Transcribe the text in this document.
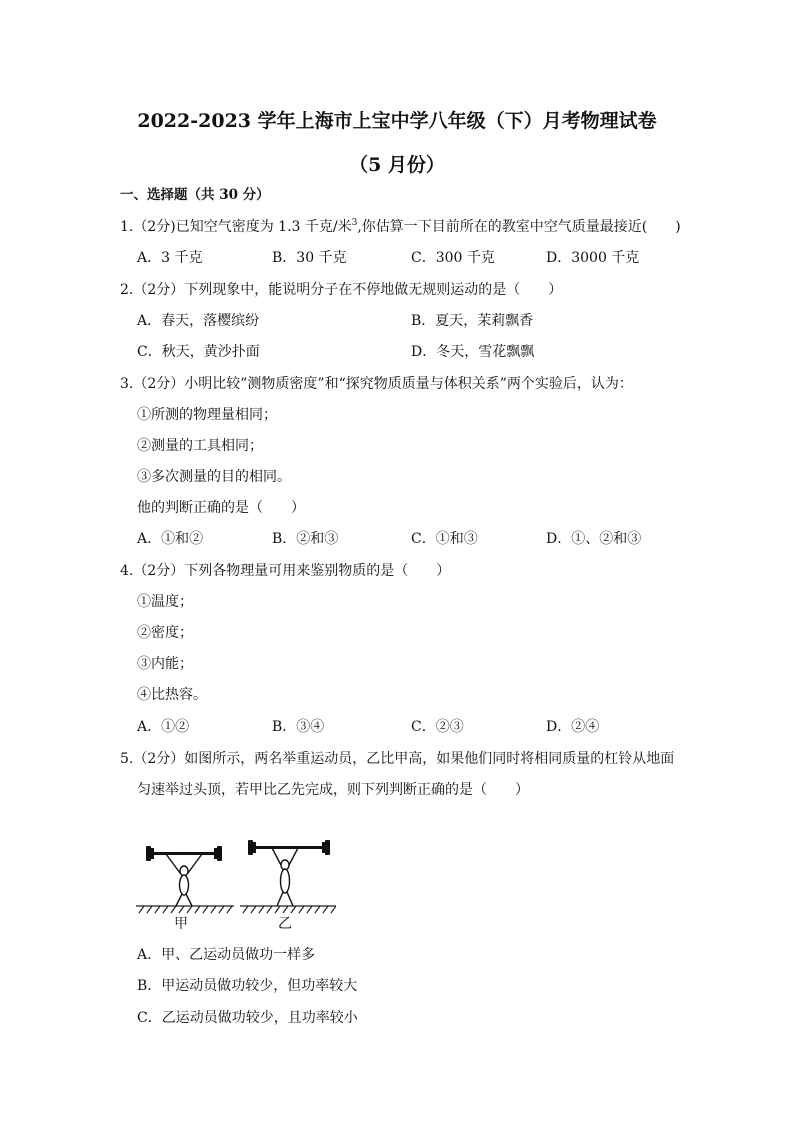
2022-2023 学年上海市上宝中学八年级（下）月考物理试卷
（5 月份）
一、选择题（共 30 分）
1.（2分)已知空气密度为 1.3 千克/米$^3$,你估算一下目前所在的教室中空气质量最接近(　　)
A．3 千克	B．30 千克	C．300 千克	D．3000 千克
2.（2分）下列现象中，能说明分子在不停地做无规则运动的是（　　）
A．春天，落樱缤纷	B．夏天，茉莉飘香
C．秋天，黄沙扑面	D．冬天，雪花飘飘
3.（2分）小明比较”测物质密度”和“探究物质质量与体积关系”两个实验后，认为：
①所测的物理量相同；
②测量的工具相同；
③多次测量的目的相同。
他的判断正确的是（　　）
A．①和②	B．②和③	C．①和③	D．①、②和③
4.（2分）下列各物理量可用来鉴别物质的是（　　）
①温度；
②密度；
③内能；
④比热容。
A．①②	B．③④	C．②③	D．②④
5.（2分）如图所示，两名举重运动员，乙比甲高，如果他们同时将相同质量的杠铃从地面
匀速举过头顶，若甲比乙先完成，则下列判断正确的是（　　）
甲	乙
A．甲、乙运动员做功一样多
B．甲运动员做功较少，但功率较大
C．乙运动员做功较少，且功率较小
